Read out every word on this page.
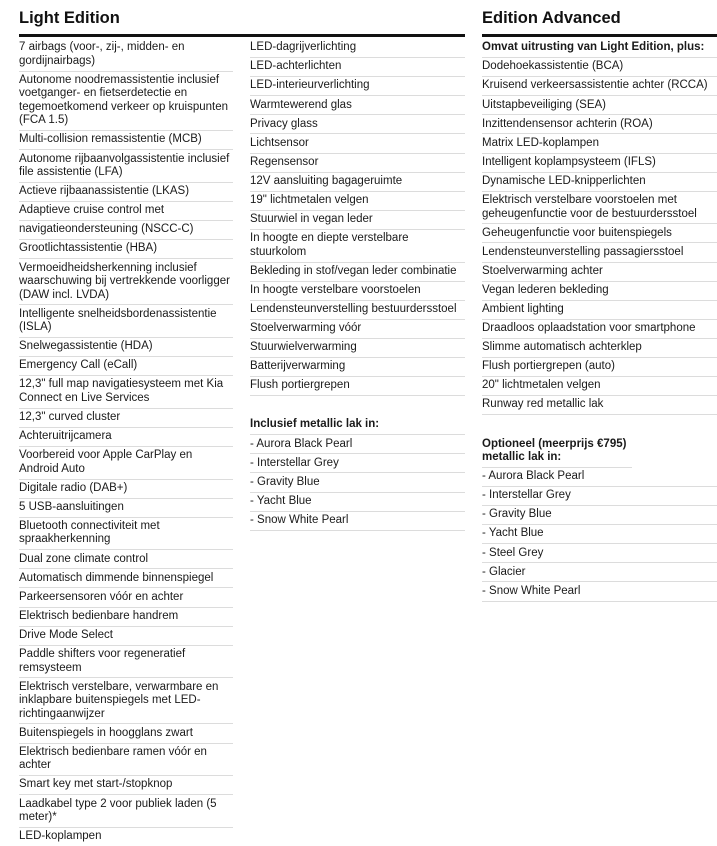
Light Edition	Edition Advanced
7 airbags (voor-, zij-, midden- en gordijnairbags)
Autonome noodremassistentie inclusief voetganger- en fietserdetectie en tegemoetkomend verkeer op kruispunten (FCA 1.5)
Multi-collision remassistentie (MCB)
Autonome rijbaanvolgassistentie inclusief file assistentie (LFA)
Actieve rijbaanassistentie (LKAS)
Adaptieve cruise control met
navigatieondersteuning (NSCC-C)
Grootlichtassistentie (HBA)
Vermoeidheidsherkenning inclusief waarschuwing bij vertrekkende voorligger (DAW incl. LVDA)
Intelligente snelheidsbordenassistentie (ISLA)
Snelwegassistentie (HDA)
Emergency Call (eCall)
12,3" full map navigatiesysteem met Kia Connect en Live Services
12,3" curved cluster
Achteruitrijcamera
Voorbereid voor Apple CarPlay en Android Auto
Digitale radio (DAB+)
5 USB-aansluitingen
Bluetooth connectiviteit met spraakherkenning
Dual zone climate control
Automatisch dimmende binnenspiegel
Parkeersensoren vóór en achter
Elektrisch bedienbare handrem
Drive Mode Select
Paddle shifters voor regeneratief remsysteem
Elektrisch verstelbare, verwarmbare en inklapbare buitenspiegels met LED-richtingaanwijzer
Buitenspiegels in hoogglans zwart
Elektrisch bedienbare ramen vóór en achter
Smart key met start-/stopknop
Laadkabel type 2 voor publiek laden (5 meter)*
LED-koplampen
LED-dagrijverlichting
LED-achterlichten
LED-interieurverlichting
Warmtewerend glas
Privacy glass
Lichtsensor
Regensensor
12V aansluiting bagageruimte
19" lichtmetalen velgen
Stuurwiel in vegan leder
In hoogte en diepte verstelbare stuurkolom
Bekleding in stof/vegan leder combinatie
In hoogte verstelbare voorstoelen
Lendensteunverstelling bestuurdersstoel
Stoelverwarming vóór
Stuurwielverwarming
Batterijverwarming
Flush portiergrepen
Inclusief metallic lak in:
- Aurora Black Pearl
- Interstellar Grey
- Gravity Blue
- Yacht Blue
- Snow White Pearl
Omvat uitrusting van Light Edition, plus:
Dodehoekassistentie (BCA)
Kruisend verkeersassistentie achter (RCCA)
Uitstapbeveiliging (SEA)
Inzittendensensor achterin (ROA)
Matrix LED-koplampen
Intelligent koplampsysteem (IFLS)
Dynamische LED-knipperlichten
Elektrisch verstelbare voorstoelen met geheugenfunctie voor de bestuurdersstoel
Geheugenfunctie voor buitenspiegels
Lendensteunverstelling passagiersstoel
Stoelverwarming achter
Vegan lederen bekleding
Ambient lighting
Draadloos oplaadstation voor smartphone
Slimme automatisch achterklep
Flush portiergrepen (auto)
20" lichtmetalen velgen
Runway red metallic lak
Optioneel (meerprijs €795) metallic lak in:
- Aurora Black Pearl
- Interstellar Grey
- Gravity Blue
- Yacht Blue
- Steel Grey
- Glacier
- Snow White Pearl
